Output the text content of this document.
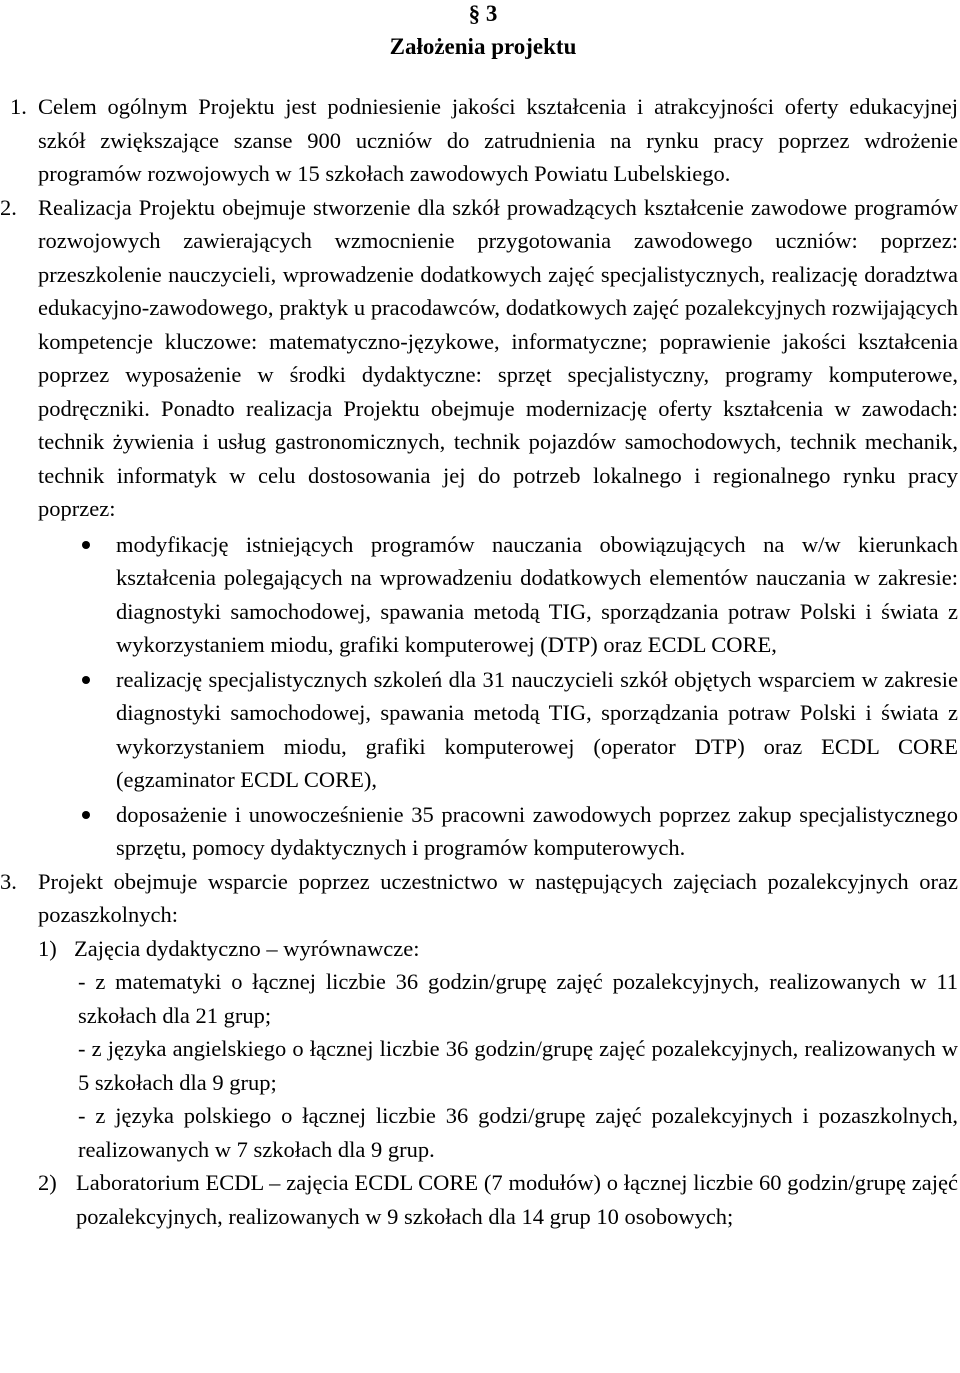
§ 3
Założenia projektu
1. Celem ogólnym Projektu jest podniesienie jakości kształcenia i atrakcyjności oferty edukacyjnej szkół zwiększające szanse 900 uczniów do zatrudnienia na rynku pracy poprzez wdrożenie programów rozwojowych w 15 szkołach zawodowych Powiatu Lubelskiego.
2. Realizacja Projektu obejmuje stworzenie dla szkół prowadzących kształcenie zawodowe programów rozwojowych zawierających wzmocnienie przygotowania zawodowego uczniów: poprzez: przeszkolenie nauczycieli, wprowadzenie dodatkowych zajęć specjalistycznych, realizację doradztwa edukacyjno-zawodowego, praktyk u pracodawców, dodatkowych zajęć pozalekcyjnych rozwijających kompetencje kluczowe: matematyczno-językowe, informatyczne; poprawienie jakości kształcenia poprzez wyposażenie w środki dydaktyczne: sprzęt specjalistyczny, programy komputerowe, podręczniki. Ponadto realizacja Projektu obejmuje modernizację oferty kształcenia w zawodach: technik żywienia i usług gastronomicznych, technik pojazdów samochodowych, technik mechanik, technik informatyk w celu dostosowania jej do potrzeb lokalnego i regionalnego rynku pracy poprzez:
modyfikację istniejących programów nauczania obowiązujących na w/w kierunkach kształcenia polegających na wprowadzeniu dodatkowych elementów nauczania w zakresie: diagnostyki samochodowej, spawania metodą TIG, sporządzania potraw Polski i świata z wykorzystaniem miodu, grafiki komputerowej (DTP) oraz ECDL CORE,
realizację specjalistycznych szkoleń dla 31 nauczycieli szkół objętych wsparciem w zakresie diagnostyki samochodowej, spawania metodą TIG, sporządzania potraw Polski i świata z wykorzystaniem miodu, grafiki komputerowej (operator DTP) oraz ECDL CORE (egzaminator ECDL CORE),
doposażenie i unowocześnienie 35 pracowni zawodowych poprzez zakup specjalistycznego sprzętu, pomocy dydaktycznych i programów komputerowych.
3. Projekt obejmuje wsparcie poprzez uczestnictwo w następujących zajęciach pozalekcyjnych oraz pozaszkolnych:
1) Zajęcia dydaktyczno – wyrównawcze:
- z matematyki o łącznej liczbie 36 godzin/grupę zajęć pozalekcyjnych, realizowanych w 11 szkołach dla 21 grup;
- z języka angielskiego o łącznej liczbie 36 godzin/grupę zajęć pozalekcyjnych, realizowanych w 5 szkołach dla 9 grup;
- z języka polskiego o łącznej liczbie 36 godzi/grupę zajęć pozalekcyjnych i pozaszkolnych, realizowanych w 7 szkołach dla 9 grup.
2) Laboratorium ECDL – zajęcia ECDL CORE (7 modułów) o łącznej liczbie 60 godzin/grupę zajęć pozalekcyjnych, realizowanych w 9 szkołach dla 14 grup 10 osobowych;
